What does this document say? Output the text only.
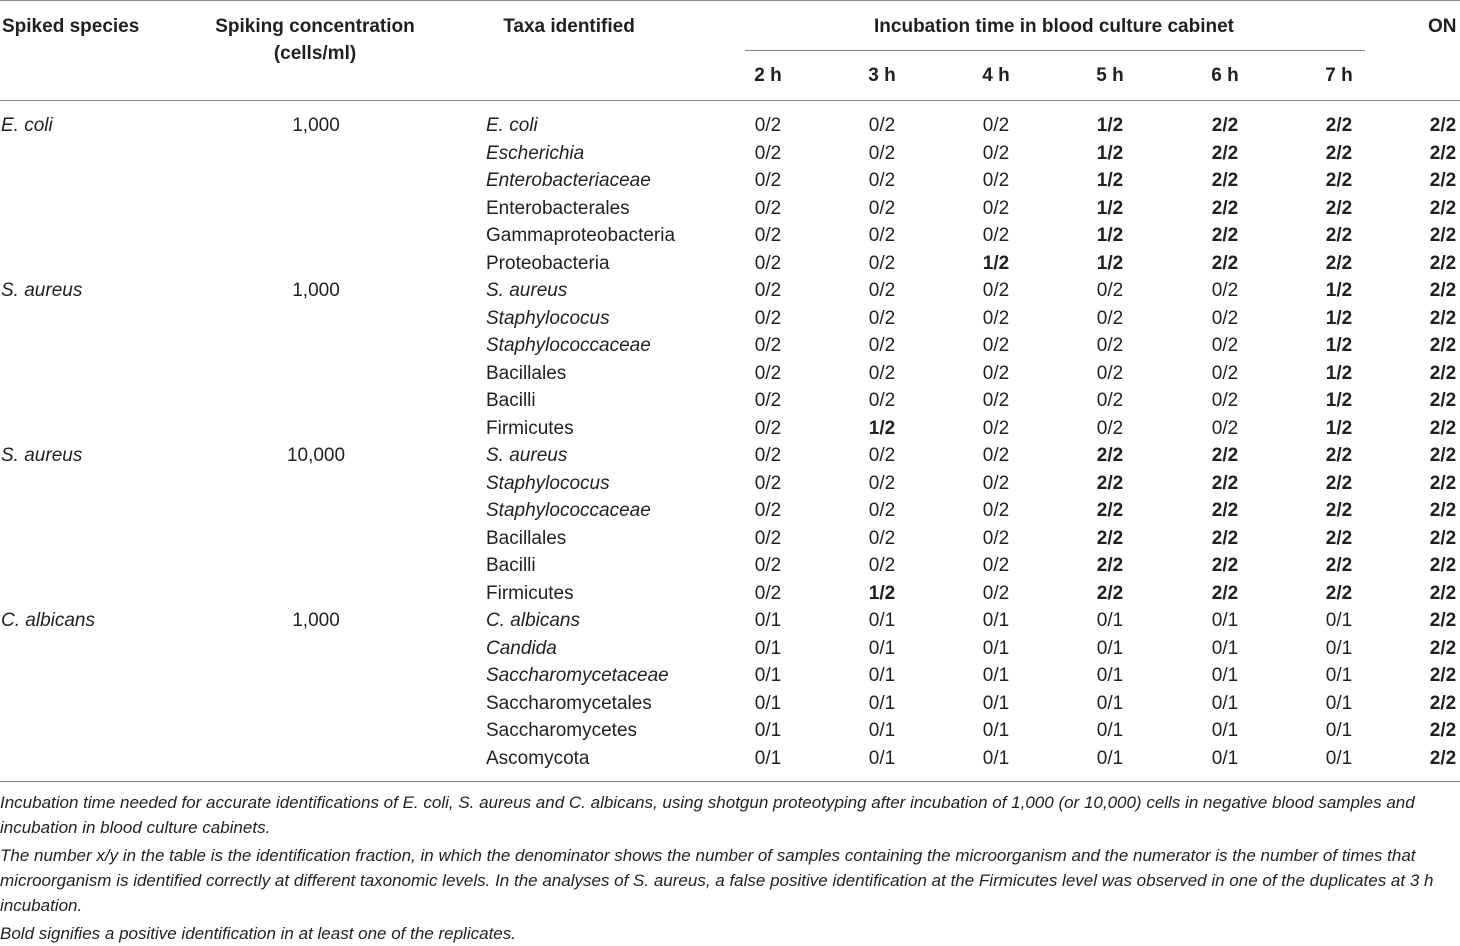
Spiked species	Spiking concentration
(cells/ml)
Taxa identified	Incubation time in blood culture cabinet	ON
2 h	3 h	4 h	5 h	6 h	7 h
E. coli	1,000	E. coli	0/2	0/2	0/2	1/2	2/2	2/2	2/2
Escherichia	0/2	0/2	0/2	1/2	2/2	2/2	2/2
Enterobacteriaceae	0/2	0/2	0/2	1/2	2/2	2/2	2/2
Enterobacterales	0/2	0/2	0/2	1/2	2/2	2/2	2/2
Gammaproteobacteria	0/2	0/2	0/2	1/2	2/2	2/2	2/2
Proteobacteria	0/2	0/2	1/2	1/2	2/2	2/2	2/2
S. aureus	1,000	S. aureus	0/2	0/2	0/2	0/2	0/2	1/2	2/2
Staphylococus	0/2	0/2	0/2	0/2	0/2	1/2	2/2
Staphylococcaceae	0/2	0/2	0/2	0/2	0/2	1/2	2/2
Bacillales	0/2	0/2	0/2	0/2	0/2	1/2	2/2
Bacilli	0/2	0/2	0/2	0/2	0/2	1/2	2/2
Firmicutes	0/2	1/2	0/2	0/2	0/2	1/2	2/2
S. aureus	10,000	S. aureus	0/2	0/2	0/2	2/2	2/2	2/2	2/2
Staphylococus	0/2	0/2	0/2	2/2	2/2	2/2	2/2
Staphylococcaceae	0/2	0/2	0/2	2/2	2/2	2/2	2/2
Bacillales	0/2	0/2	0/2	2/2	2/2	2/2	2/2
Bacilli	0/2	0/2	0/2	2/2	2/2	2/2	2/2
Firmicutes	0/2	1/2	0/2	2/2	2/2	2/2	2/2
C. albicans	1,000	C. albicans	0/1	0/1	0/1	0/1	0/1	0/1	2/2
Candida	0/1	0/1	0/1	0/1	0/1	0/1	2/2
Saccharomycetaceae	0/1	0/1	0/1	0/1	0/1	0/1	2/2
Saccharomycetales	0/1	0/1	0/1	0/1	0/1	0/1	2/2
Saccharomycetes	0/1	0/1	0/1	0/1	0/1	0/1	2/2
Ascomycota	0/1	0/1	0/1	0/1	0/1	0/1	2/2
Incubation time needed for accurate identifications of E. coli, S. aureus and C. albicans, using shotgun proteotyping after incubation of 1,000 (or 10,000) cells in negative blood samples and incubation in blood culture cabinets.
The number x/y in the table is the identification fraction, in which the denominator shows the number of samples containing the microorganism and the numerator is the number of times that microorganism is identified correctly at different taxonomic levels. In the analyses of S. aureus, a false positive identification at the Firmicutes level was observed in one of the duplicates at 3 h incubation.
Bold signifies a positive identification in at least one of the replicates.
